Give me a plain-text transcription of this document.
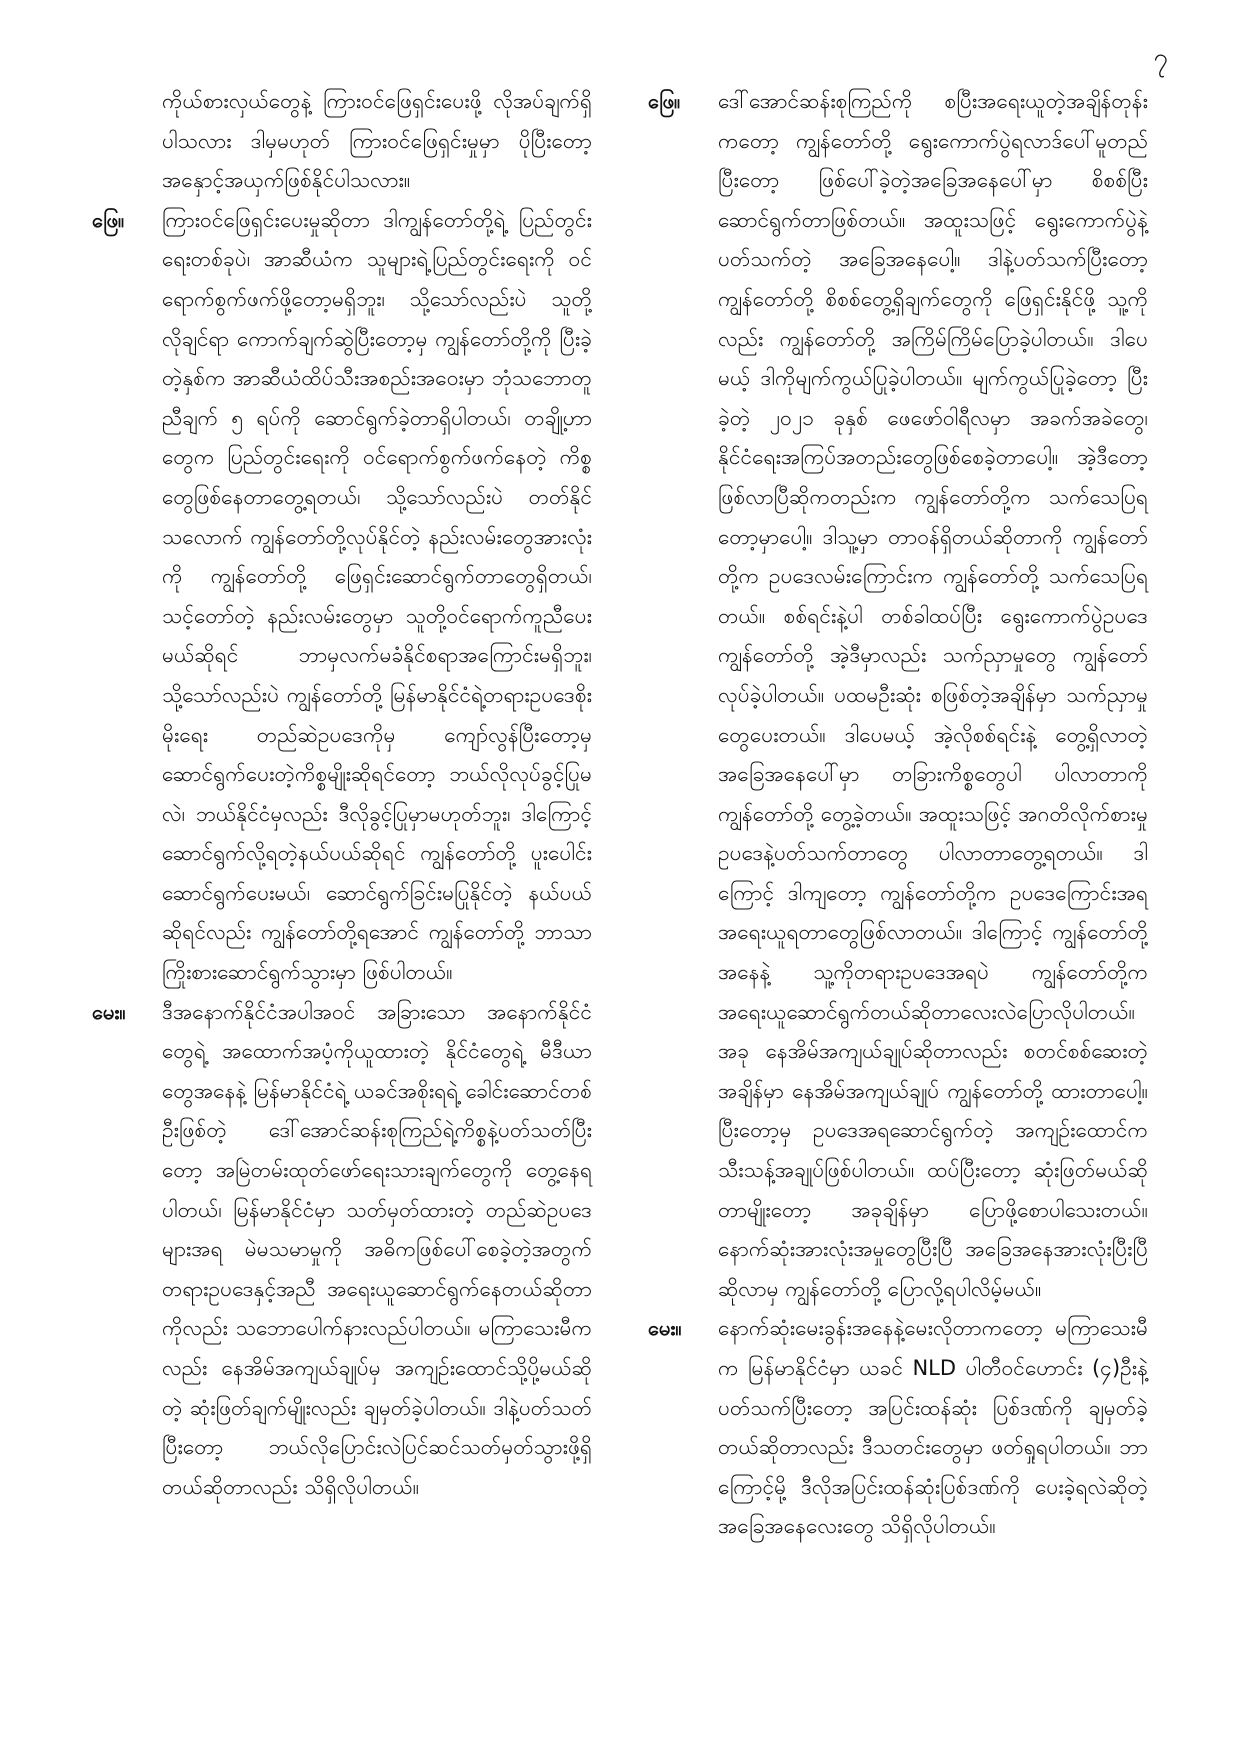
၇

ကိုယ်စားလှယ်တွေနဲ့ ကြားဝင်ဖြေရှင်းပေးဖို့ လိုအပ်ချက်ရှိပါသလား ဒါမှမဟုတ် ကြားဝင်ဖြေရှင်းမှုမှာ ပိုပြီးတော့ အနှောင့်အယှက်ဖြစ်နိုင်ပါသလား။

ဖြေ။ ကြားဝင်ဖြေရှင်းပေးမှုဆိုတာ ဒါကျွန်တော်တို့ရဲ့ ပြည်တွင်းရေးတစ်ခုပဲ၊ အာဆီယံက သူများရဲ့ပြည်တွင်းရေးကို ဝင်ရောက်စွက်ဖက်ဖို့တော့မရှိဘူး၊ သို့သော်လည်းပဲ သူတို့လိုချင်ရာ ကောက်ချက်ဆွဲပြီးတော့မှ ကျွန်တော်တို့ကို ပြီးခဲ့တဲ့နှစ်က အာဆီယံထိပ်သီးအစည်းအဝေးမှာ ဘုံသဘောတူညီချက် ၅ ရပ်ကို ဆောင်ရွက်ခဲ့တာရှိပါတယ်၊ တချို့ဟာတွေက ပြည်တွင်းရေးကို ဝင်ရောက်စွက်ဖက်နေတဲ့ ကိစ္စတွေဖြစ်နေတာတွေ့ရတယ်၊ သို့သော်လည်းပဲ တတ်နိုင်သလောက် ကျွန်တော်တို့လုပ်နိုင်တဲ့ နည်းလမ်းတွေအားလုံးကို ကျွန်တော်တို့ ဖြေရှင်းဆောင်ရွက်တာတွေရှိတယ်၊ သင့်တော်တဲ့ နည်းလမ်းတွေမှာ သူတို့ဝင်ရောက်ကူညီပေးမယ်ဆိုရင် ဘာမှလက်မခံနိုင်စရာအကြောင်းမရှိဘူး၊ သို့သော်လည်းပဲ ကျွန်တော်တို့ မြန်မာနိုင်ငံရဲ့တရားဥပဒေစိုးမိုးရေး တည်ဆဲဥပဒေကိုမှ ကျော်လွန်ပြီးတော့မှ ဆောင်ရွက်ပေးတဲ့ကိစ္စမျိုးဆိုရင်တော့ ဘယ်လိုလုပ်ခွင့်ပြုမလဲ၊ ဘယ်နိုင်ငံမှလည်း ဒီလိုခွင့်ပြုမှာမဟုတ်ဘူး၊ ဒါကြောင့် ဆောင်ရွက်လို့ရတဲ့နယ်ပယ်ဆိုရင် ကျွန်တော်တို့ ပူးပေါင်းဆောင်ရွက်ပေးမယ်၊ ဆောင်ရွက်ခြင်းမပြုနိုင်တဲ့ နယ်ပယ်ဆိုရင်လည်း ကျွန်တော်တို့ရအောင် ကျွန်တော်တို့ ဘာသာ ကြိုးစားဆောင်ရွက်သွားမှာ ဖြစ်ပါတယ်။

မေး။ ဒီအနောက်နိုင်ငံအပါအဝင် အခြားသော အနောက်နိုင်ငံတွေရဲ့ အထောက်အပံ့ကိုယူထားတဲ့ နိုင်ငံတွေရဲ့ မီဒီယာတွေအနေနဲ့ မြန်မာနိုင်ငံရဲ့ ယခင်အစိုးရရဲ့ ခေါင်းဆောင်တစ်ဦးဖြစ်တဲ့ ဒေါ်အောင်ဆန်းစုကြည်ရဲ့ကိစ္စနဲ့ပတ်သတ်ပြီးတော့ အမြဲတမ်းထုတ်ဖော်ရေးသားချက်တွေကို တွေ့နေရပါတယ်၊ မြန်မာနိုင်ငံမှာ သတ်မှတ်ထားတဲ့ တည်ဆဲဥပဒေများအရ မဲမသမာမှုကို အဓိကဖြစ်ပေါ်စေခဲ့တဲ့အတွက် တရားဥပဒေနှင့်အညီ အရေးယူဆောင်ရွက်နေတယ်ဆိုတာကိုလည်း သဘောပေါက်နားလည်ပါတယ်။ မကြာသေးမီကလည်း နေအိမ်အကျယ်ချုပ်မှ အကျဉ်းထောင်သို့ပို့မယ်ဆိုတဲ့ ဆုံးဖြတ်ချက်မျိုးလည်း ချမှတ်ခဲ့ပါတယ်။ ဒါနဲ့ပတ်သတ်ပြီးတော့ ဘယ်လိုပြောင်းလဲပြင်ဆင်သတ်မှတ်သွားဖို့ရှိတယ်ဆိုတာလည်း သိရှိလိုပါတယ်။

ဖြေ။ ဒေါ်အောင်ဆန်းစုကြည်ကို စပြီးအရေးယူတဲ့အချိန်တုန်းကတော့ ကျွန်တော်တို့ ရွေးကောက်ပွဲရလာဒ်ပေါ်မူတည်ပြီးတော့ ဖြစ်ပေါ်ခဲ့တဲ့အခြေအနေပေါ်မှာ စိစစ်ပြီး ဆောင်ရွက်တာဖြစ်တယ်။ အထူးသဖြင့် ရွေးကောက်ပွဲနဲ့ပတ်သက်တဲ့ အခြေအနေပေါ့။ ဒါနဲ့ပတ်သက်ပြီးတော့ ကျွန်တော်တို့ စိစစ်တွေ့ရှိချက်တွေကို ဖြေရှင်းနိုင်ဖို့ သူ့ကိုလည်း ကျွန်တော်တို့ အကြိမ်ကြိမ်ပြောခဲ့ပါတယ်။ ဒါပေမယ့် ဒါကိုမျက်ကွယ်ပြုခဲ့ပါတယ်။ မျက်ကွယ်ပြုခဲ့တော့ ပြီးခဲ့တဲ့ ၂၀၂၁ ခုနှစ် ဖေဖော်ဝါရီလမှာ အခက်အခဲတွေ၊ နိုင်ငံရေးအကြပ်အတည်းတွေဖြစ်စေခဲ့တာပေါ့။ အဲ့ဒီတော့ဖြစ်လာပြီဆိုကတည်းက ကျွန်တော်တို့က သက်သေပြရတော့မှာပေါ့။ ဒါသူ့မှာ တာဝန်ရှိတယ်ဆိုတာကို ကျွန်တော်တို့က ဥပဒေလမ်းကြောင်းက ကျွန်တော်တို့ သက်သေပြရတယ်။ စစ်ရင်းနဲ့ပါ တစ်ခါထပ်ပြီး ရွေးကောက်ပွဲဥပဒေ ကျွန်တော်တို့ အဲ့ဒီမှာလည်း သက်ညှာမှုတွေ ကျွန်တော်လုပ်ခဲ့ပါတယ်။ ပထမဦးဆုံး စဖြစ်တဲ့အချိန်မှာ သက်ညှာမှုတွေပေးတယ်။ ဒါပေမယ့် အဲ့လိုစစ်ရင်းနဲ့ တွေ့ရှိလာတဲ့အခြေအနေပေါ်မှာ တခြားကိစ္စတွေပါ ပါလာတာကို ကျွန်တော်တို့ တွေ့ခဲ့တယ်။ အထူးသဖြင့် အဂတိလိုက်စားမှုဥပဒေနဲ့ပတ်သက်တာတွေ ပါလာတာတွေ့ရတယ်။ ဒါကြောင့် ဒါကျတော့ ကျွန်တော်တို့က ဥပဒေကြောင်းအရ အရေးယူရတာတွေဖြစ်လာတယ်။ ဒါကြောင့် ကျွန်တော်တို့အနေနဲ့ သူ့ကိုတရားဥပဒေအရပဲ ကျွန်တော်တို့က အရေးယူဆောင်ရွက်တယ်ဆိုတာလေးလဲပြောလိုပါတယ်။ အခု နေအိမ်အကျယ်ချုပ်ဆိုတာလည်း စတင်စစ်ဆေးတဲ့အချိန်မှာ နေအိမ်အကျယ်ချုပ် ကျွန်တော်တို့ ထားတာပေါ့။ ပြီးတော့မှ ဥပဒေအရဆောင်ရွက်တဲ့ အကျဉ်းထောင်က သီးသန့်အချုပ်ဖြစ်ပါတယ်။ ထပ်ပြီးတော့ ဆုံးဖြတ်မယ်ဆိုတာမျိုးတော့ အခုချိန်မှာ ပြောဖို့စောပါသေးတယ်။ နောက်ဆုံးအားလုံးအမှုတွေပြီးပြီ အခြေအနေအားလုံးပြီးပြီဆိုလာမှ ကျွန်တော်တို့ ပြောလို့ရပါလိမ့်မယ်။

မေး။ နောက်ဆုံးမေးခွန်းအနေနဲ့မေးလိုတာကတော့ မကြာသေးမီက မြန်မာနိုင်ငံမှာ ယခင် NLD ပါတီဝင်ဟောင်း (၄)ဦးနဲ့ပတ်သက်ပြီးတော့ အပြင်းထန်ဆုံး ပြစ်ဒဏ်ကို ချမှတ်ခဲ့တယ်ဆိုတာလည်း ဒီသတင်းတွေမှာ ဖတ်ရှုရပါတယ်။ ဘာကြောင့်မို့ ဒီလိုအပြင်းထန်ဆုံးပြစ်ဒဏ်ကို ပေးခဲ့ရလဲဆိုတဲ့ အခြေအနေလေးတွေ သိရှိလိုပါတယ်။
